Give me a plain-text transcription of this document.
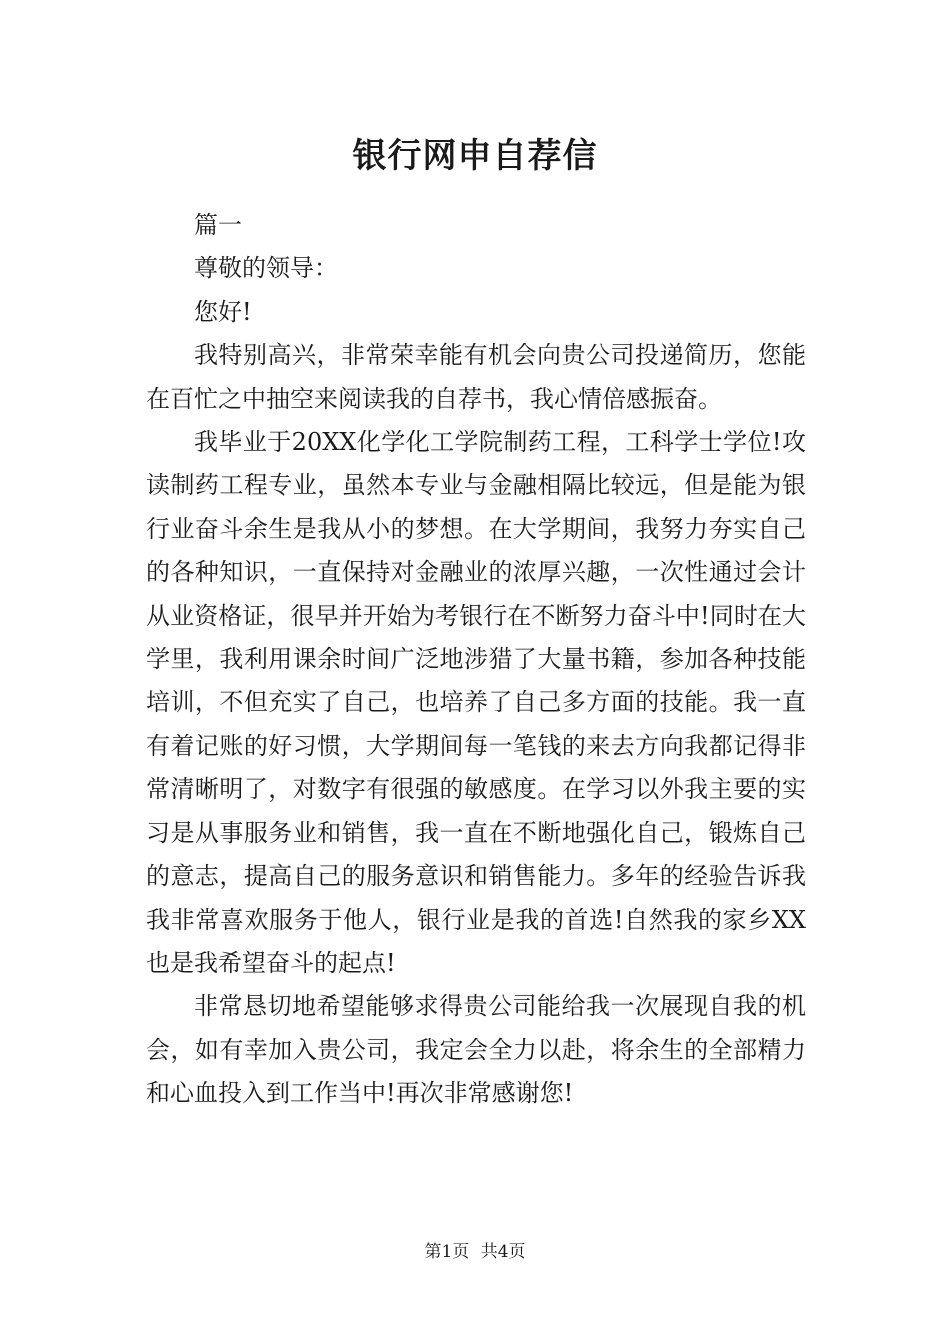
银行网申自荐信

篇一

尊敬的领导：

您好!

我特别高兴，非常荣幸能有机会向贵公司投递简历，您能在百忙之中抽空来阅读我的自荐书，我心情倍感振奋。

我毕业于20XX化学化工学院制药工程，工科学士学位!攻读制药工程专业，虽然本专业与金融相隔比较远，但是能为银行业奋斗余生是我从小的梦想。在大学期间，我努力夯实自己的各种知识，一直保持对金融业的浓厚兴趣，一次性通过会计从业资格证，很早并开始为考银行在不断努力奋斗中!同时在大学里，我利用课余时间广泛地涉猎了大量书籍，参加各种技能培训，不但充实了自己，也培养了自己多方面的技能。我一直有着记账的好习惯，大学期间每一笔钱的来去方向我都记得非常清晰明了，对数字有很强的敏感度。在学习以外我主要的实习是从事服务业和销售，我一直在不断地强化自己，锻炼自己的意志，提高自己的服务意识和销售能力。多年的经验告诉我我非常喜欢服务于他人，银行业是我的首选!自然我的家乡XX也是我希望奋斗的起点!

非常恳切地希望能够求得贵公司能给我一次展现自我的机会，如有幸加入贵公司，我定会全力以赴，将余生的全部精力和心血投入到工作当中!再次非常感谢您!

第1页 共4页
